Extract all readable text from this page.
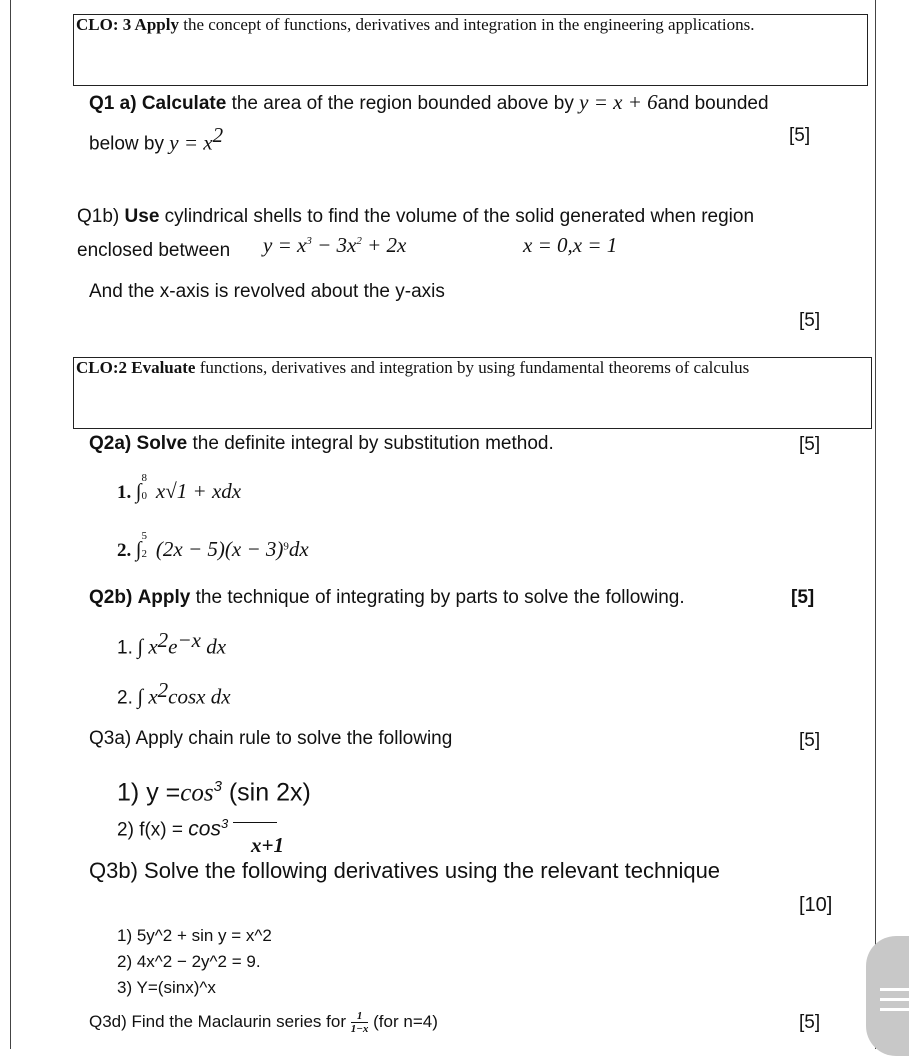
CLO: 3 Apply the concept of functions, derivatives and integration in the engineering applications.
Q1 a) Calculate the area of the region bounded above by y = x + 6and bounded
below by $y = x^2$	[5]
Q1b) Use cylindrical shells to find the volume of the solid generated when region
enclosed between $y = x^3 - 3x^2 + 2x$	x = 0,x = 1
And the x-axis is revolved about the y-axis
[5]
CLO:2 Evaluate functions, derivatives and integration by using fundamental theorems of calculus
Q2a) Solve the definite integral by substitution method.	[5]
1. ∫
8
0 x√1 + xdx
2. ∫
5
2 $(2x - 5)(x - 3)^9dx$
Q2b) Apply the technique of integrating by parts to solve the following.	[5]
1. ∫ $x^2e^{-x}$ dx
2. ∫ $x^2\cos x$ dx
Q3a) Apply chain rule to solve the following	[5]
1) $y =\cos^3$ (sin 2x)
2) $f(x) = \cos^3$
x+1
Q3b) Solve the following derivatives using the relevant technique
[10]
1) 5y^2 + sin y = x^2
2) 4x^2 − 2y^2 = 9.
3) Y=(sinx)^x
Q3d) Find the Maclaurin series for $\frac{1}{1-x} (for$ n=4)	[5]
